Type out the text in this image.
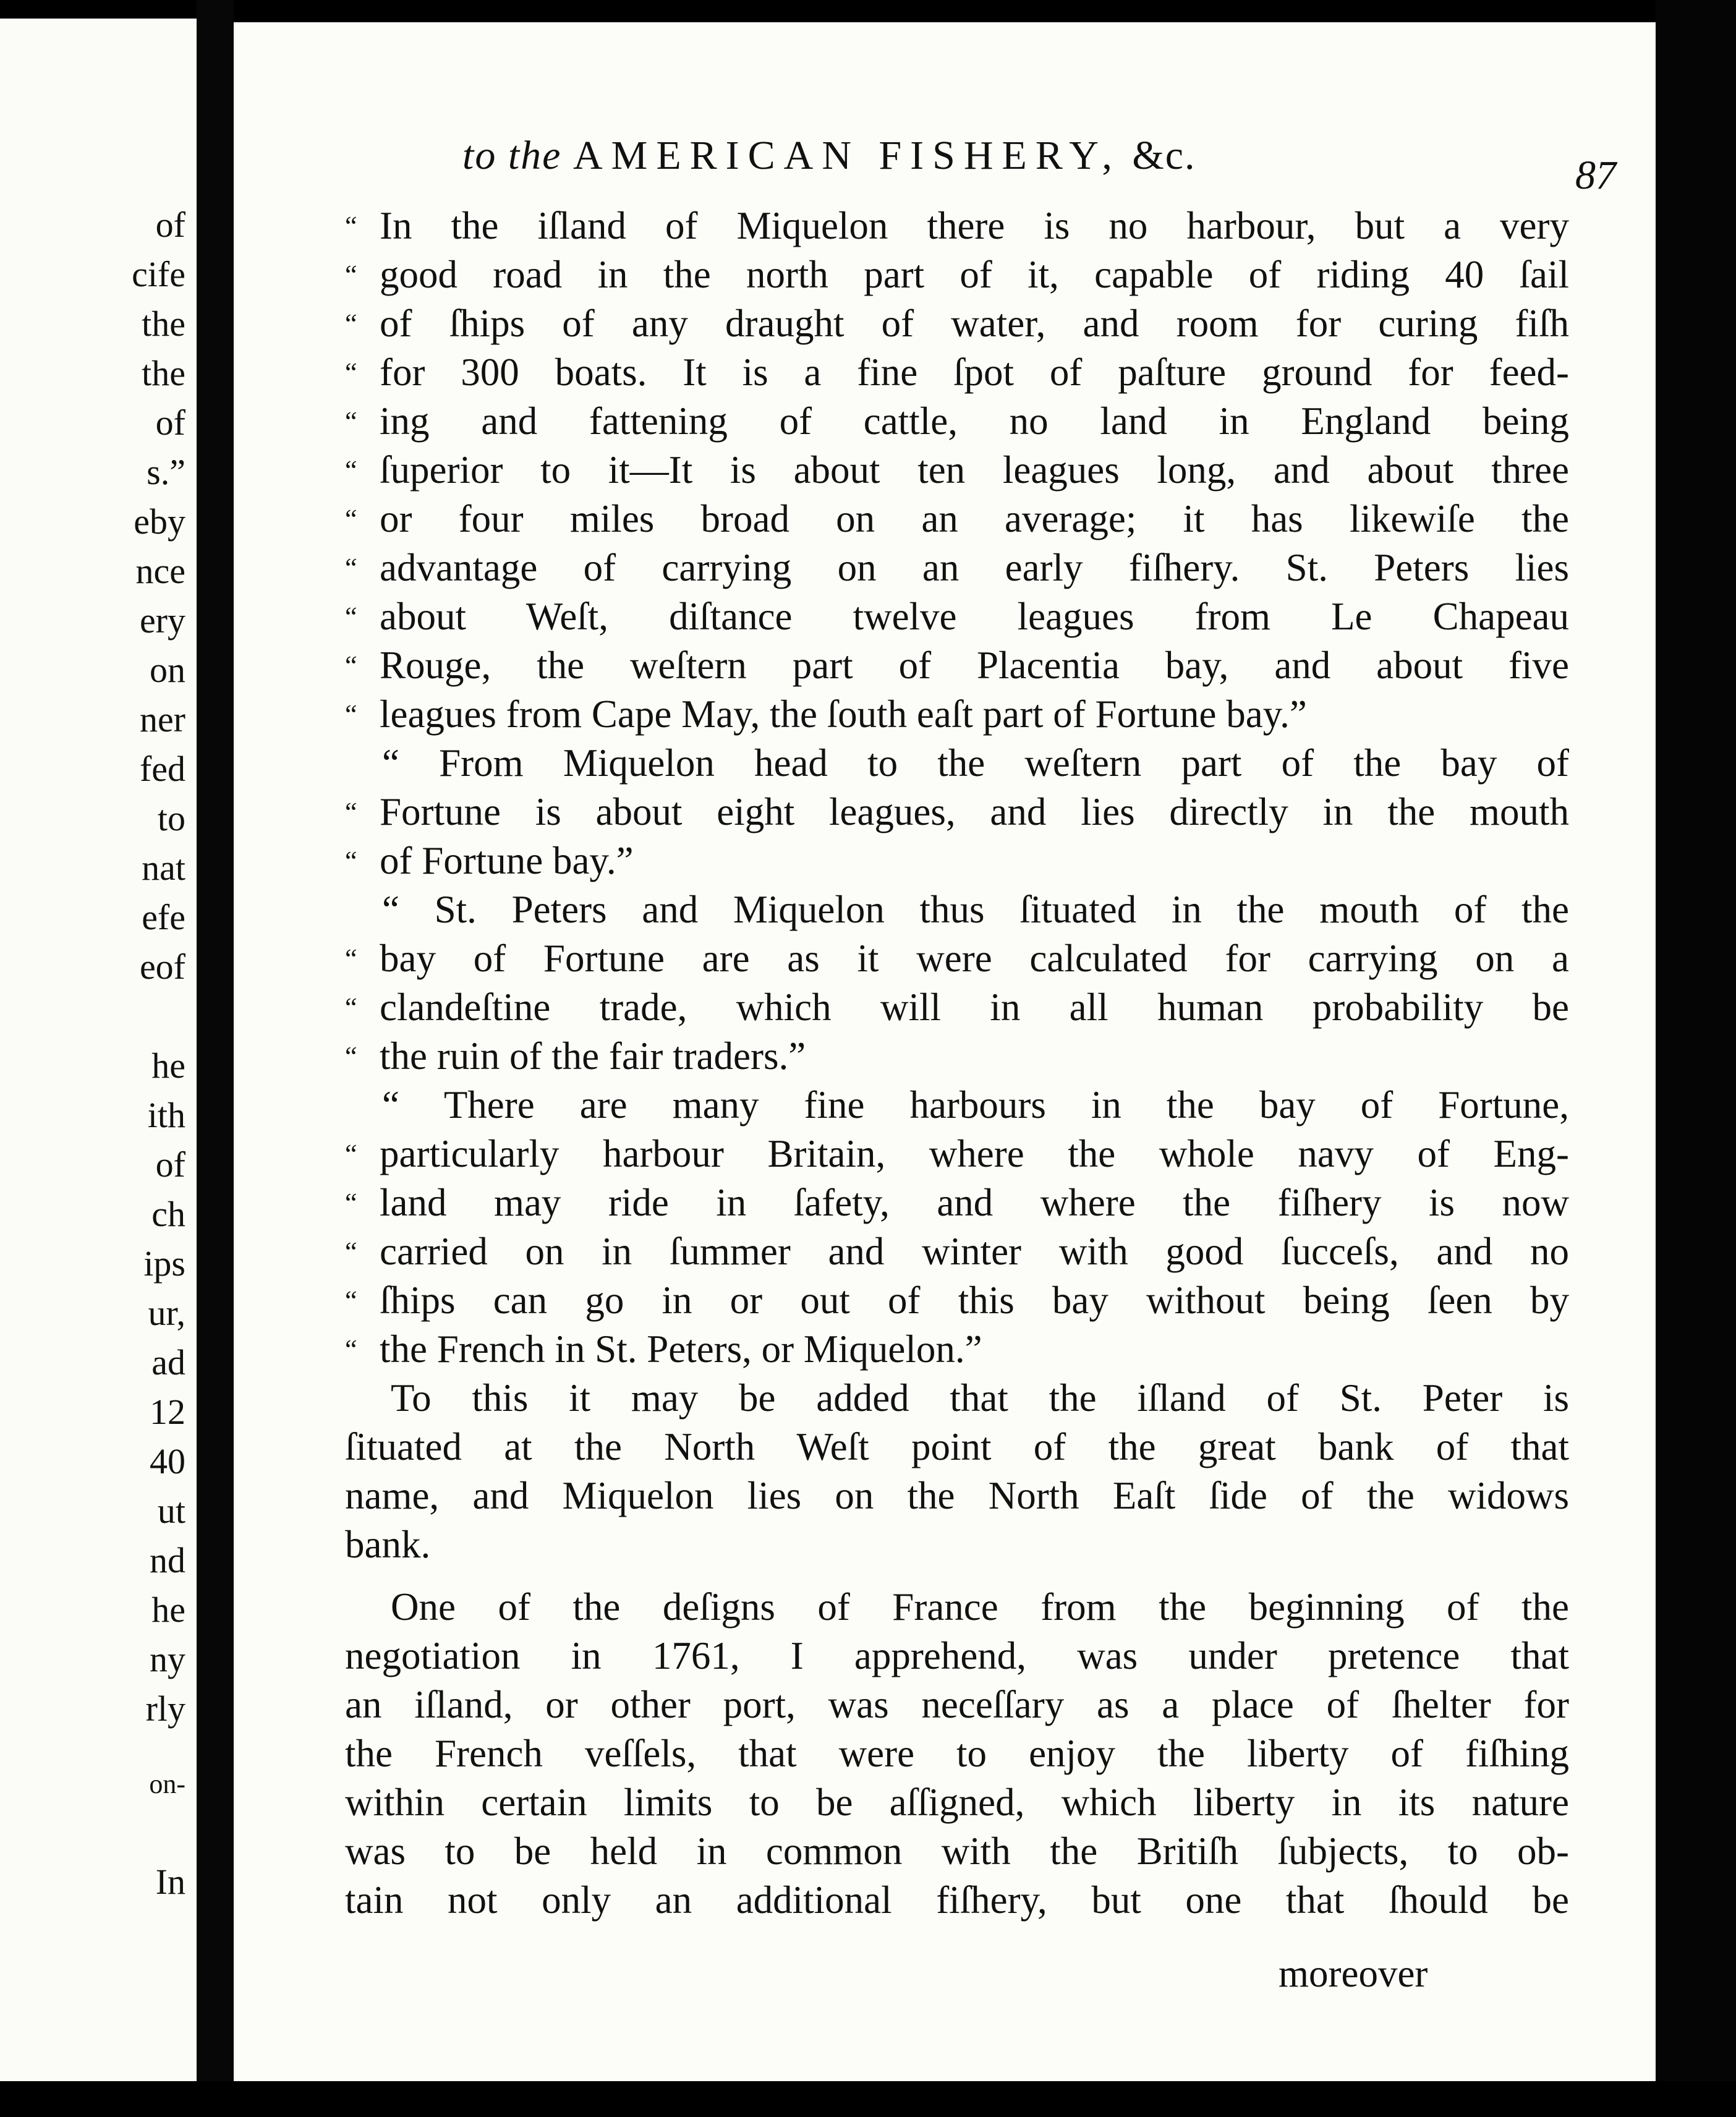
of
cife
the
the
of
s.”
eby
nce
ery
on
ner
fed
to
nat
efe
eof
he
ith
of
ch
ips
ur,
ad
12
40
ut
nd
he
ny
rly
on-
In
to the AMERICAN FISHERY, &c.	87
“ In the iſland of Miquelon there is no harbour, but a very
“ good road in the north part of it, capable of riding 40 ſail
“ of ſhips of any draught of water, and room for curing fiſh
“ for 300 boats. It is a fine ſpot of paſture ground for feed-
“ ing and fattening of cattle, no land in England being
“ ſuperior to it—It is about ten leagues long, and about three
“ or four miles broad on an average; it has likewiſe the
“ advantage of carrying on an early fiſhery. St. Peters lies
“ about Weſt, diſtance twelve leagues from Le Chapeau
“ Rouge, the weſtern part of Placentia bay, and about five
“ leagues from Cape May, the ſouth eaſt part of Fortune bay.”
“ From Miquelon head to the weſtern part of the bay of
“ Fortune is about eight leagues, and lies directly in the mouth
“ of Fortune bay.”
“ St. Peters and Miquelon thus ſituated in the mouth of the
“ bay of Fortune are as it were calculated for carrying on a
“ clandeſtine trade, which will in all human probability be
“ the ruin of the fair traders.”
“ There are many fine harbours in the bay of Fortune,
“ particularly harbour Britain, where the whole navy of Eng-
“ land may ride in ſafety, and where the fiſhery is now
“ carried on in ſummer and winter with good ſucceſs, and no
“ ſhips can go in or out of this bay without being ſeen by
“ the French in St. Peters, or Miquelon.”
To this it may be added that the iſland of St. Peter is
ſituated at the North Weſt point of the great bank of that
name, and Miquelon lies on the North Eaſt ſide of the widows
bank.
One of the deſigns of France from the beginning of the
negotiation in 1761, I apprehend, was under pretence that
an iſland, or other port, was neceſſary as a place of ſhelter for
the French veſſels, that were to enjoy the liberty of fiſhing
within certain limits to be aſſigned, which liberty in its nature
was to be held in common with the Britiſh ſubjects, to ob-
tain not only an additional fiſhery, but one that ſhould be
moreover
